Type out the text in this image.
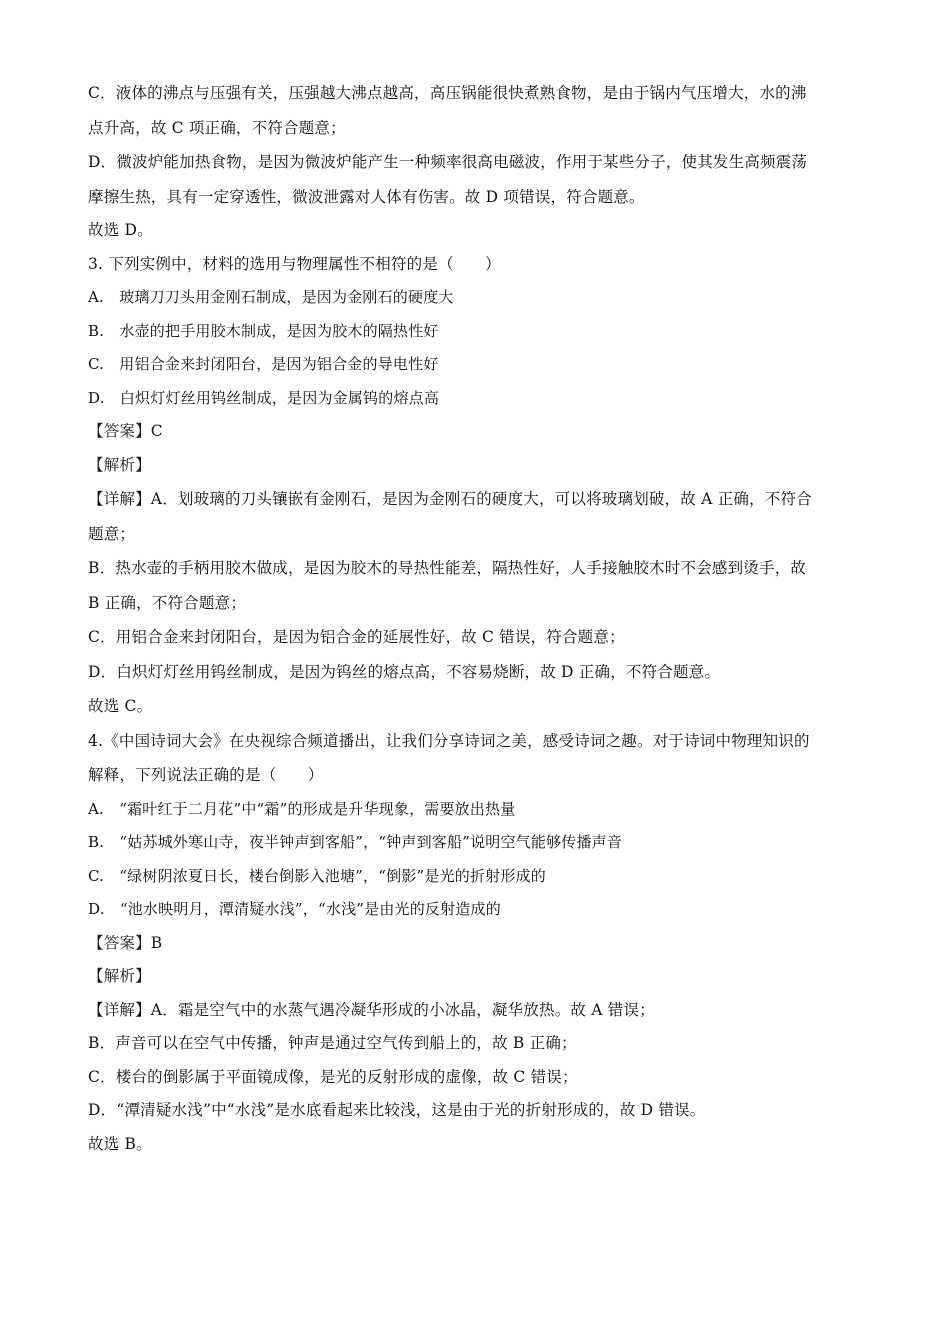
C．液体的沸点与压强有关，压强越大沸点越高，高压锅能很快煮熟食物，是由于锅内气压增大，水的沸
点升高，故 C 项正确，不符合题意；
D．微波炉能加热食物，是因为微波炉能产生一种频率很高电磁波，作用于某些分子，使其发生高频震荡
摩擦生热，具有一定穿透性，微波泄露对人体有伤害。故 D 项错误，符合题意。
故选 D。
3. 下列实例中，材料的选用与物理属性不相符的是（　　）
A.　玻璃刀刀头用金刚石制成，是因为金刚石的硬度大
B.　水壶的把手用胶木制成，是因为胶木的隔热性好
C.　用铝合金来封闭阳台，是因为铝合金的导电性好
D.　白炽灯灯丝用钨丝制成，是因为金属钨的熔点高
【答案】C
【解析】
【详解】A．划玻璃的刀头镶嵌有金刚石，是因为金刚石的硬度大，可以将玻璃划破，故 A 正确，不符合
题意；
B．热水壶的手柄用胶木做成，是因为胶木的导热性能差，隔热性好，人手接触胶木时不会感到烫手，故
B 正确，不符合题意；
C．用铝合金来封闭阳台，是因为铝合金的延展性好，故 C 错误，符合题意；
D．白炽灯灯丝用钨丝制成，是因为钨丝的熔点高，不容易烧断，故 D 正确，不符合题意。
故选 C。
4.《中国诗词大会》在央视综合频道播出，让我们分享诗词之美，感受诗词之趣。对于诗词中物理知识的
解释，下列说法正确的是（　　）
A.　“霜叶红于二月花”中“霜”的形成是升华现象，需要放出热量
B.　“姑苏城外寒山寺，夜半钟声到客船”，“钟声到客船”说明空气能够传播声音
C.　“绿树阴浓夏日长，楼台倒影入池塘”，“倒影”是光的折射形成的
D.　“池水映明月，潭清疑水浅”，“水浅”是由光的反射造成的
【答案】B
【解析】
【详解】A．霜是空气中的水蒸气遇冷凝华形成的小冰晶，凝华放热。故 A 错误；
B．声音可以在空气中传播，钟声是通过空气传到船上的，故 B 正确；
C．楼台的倒影属于平面镜成像，是光的反射形成的虚像，故 C 错误；
D．“潭清疑水浅”中“水浅”是水底看起来比较浅，这是由于光的折射形成的，故 D 错误。
故选 B。
